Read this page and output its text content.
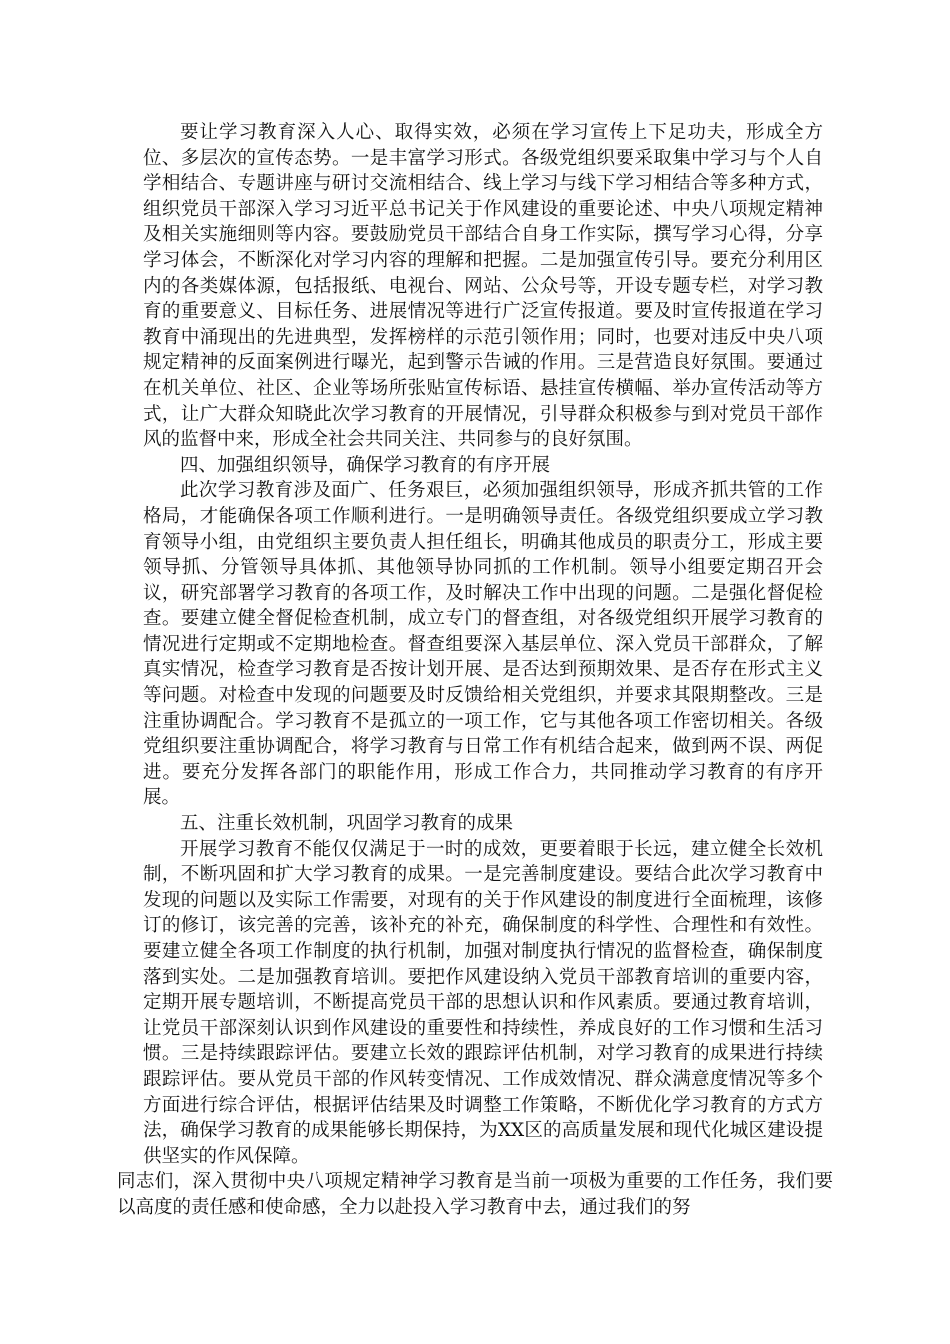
要让学习教育深入人心、取得实效，必须在学习宣传上下足功夫，形成全方位、多层次的宣传态势。一是丰富学习形式。各级党组织要采取集中学习与个人自学相结合、专题讲座与研讨交流相结合、线上学习与线下学习相结合等多种方式，组织党员干部深入学习习近平总书记关于作风建设的重要论述、中央八项规定精神及相关实施细则等内容。要鼓励党员干部结合自身工作实际，撰写学习心得，分享学习体会，不断深化对学习内容的理解和把握。二是加强宣传引导。要充分利用区内的各类媒体源，包括报纸、电视台、网站、公众号等，开设专题专栏，对学习教育的重要意义、目标任务、进展情况等进行广泛宣传报道。要及时宣传报道在学习教育中涌现出的先进典型，发挥榜样的示范引领作用；同时，也要对违反中央八项规定精神的反面案例进行曝光，起到警示告诫的作用。三是营造良好氛围。要通过在机关单位、社区、企业等场所张贴宣传标语、悬挂宣传横幅、举办宣传活动等方式，让广大群众知晓此次学习教育的开展情况，引导群众积极参与到对党员干部作风的监督中来，形成全社会共同关注、共同参与的良好氛围。

四、加强组织领导，确保学习教育的有序开展

此次学习教育涉及面广、任务艰巨，必须加强组织领导，形成齐抓共管的工作格局，才能确保各项工作顺利进行。一是明确领导责任。各级党组织要成立学习教育领导小组，由党组织主要负责人担任组长，明确其他成员的职责分工，形成主要领导抓、分管领导具体抓、其他领导协同抓的工作机制。领导小组要定期召开会议，研究部署学习教育的各项工作，及时解决工作中出现的问题。二是强化督促检查。要建立健全督促检查机制，成立专门的督查组，对各级党组织开展学习教育的情况进行定期或不定期地检查。督查组要深入基层单位、深入党员干部群众，了解真实情况，检查学习教育是否按计划开展、是否达到预期效果、是否存在形式主义等问题。对检查中发现的问题要及时反馈给相关党组织，并要求其限期整改。三是注重协调配合。学习教育不是孤立的一项工作，它与其他各项工作密切相关。各级党组织要注重协调配合，将学习教育与日常工作有机结合起来，做到两不误、两促进。要充分发挥各部门的职能作用，形成工作合力，共同推动学习教育的有序开展。

五、注重长效机制，巩固学习教育的成果

开展学习教育不能仅仅满足于一时的成效，更要着眼于长远，建立健全长效机制，不断巩固和扩大学习教育的成果。一是完善制度建设。要结合此次学习教育中发现的问题以及实际工作需要，对现有的关于作风建设的制度进行全面梳理，该修订的修订，该完善的完善，该补充的补充，确保制度的科学性、合理性和有效性。要建立健全各项工作制度的执行机制，加强对制度执行情况的监督检查，确保制度落到实处。二是加强教育培训。要把作风建设纳入党员干部教育培训的重要内容，定期开展专题培训，不断提高党员干部的思想认识和作风素质。要通过教育培训，让党员干部深刻认识到作风建设的重要性和持续性，养成良好的工作习惯和生活习惯。三是持续跟踪评估。要建立长效的跟踪评估机制，对学习教育的成果进行持续跟踪评估。要从党员干部的作风转变情况、工作成效情况、群众满意度情况等多个方面进行综合评估，根据评估结果及时调整工作策略，不断优化学习教育的方式方法，确保学习教育的成果能够长期保持，为XX区的高质量发展和现代化城区建设提供坚实的作风保障。

同志们，深入贯彻中央八项规定精神学习教育是当前一项极为重要的工作任务，我们要以高度的责任感和使命感，全力以赴投入学习教育中去，通过我们的努
